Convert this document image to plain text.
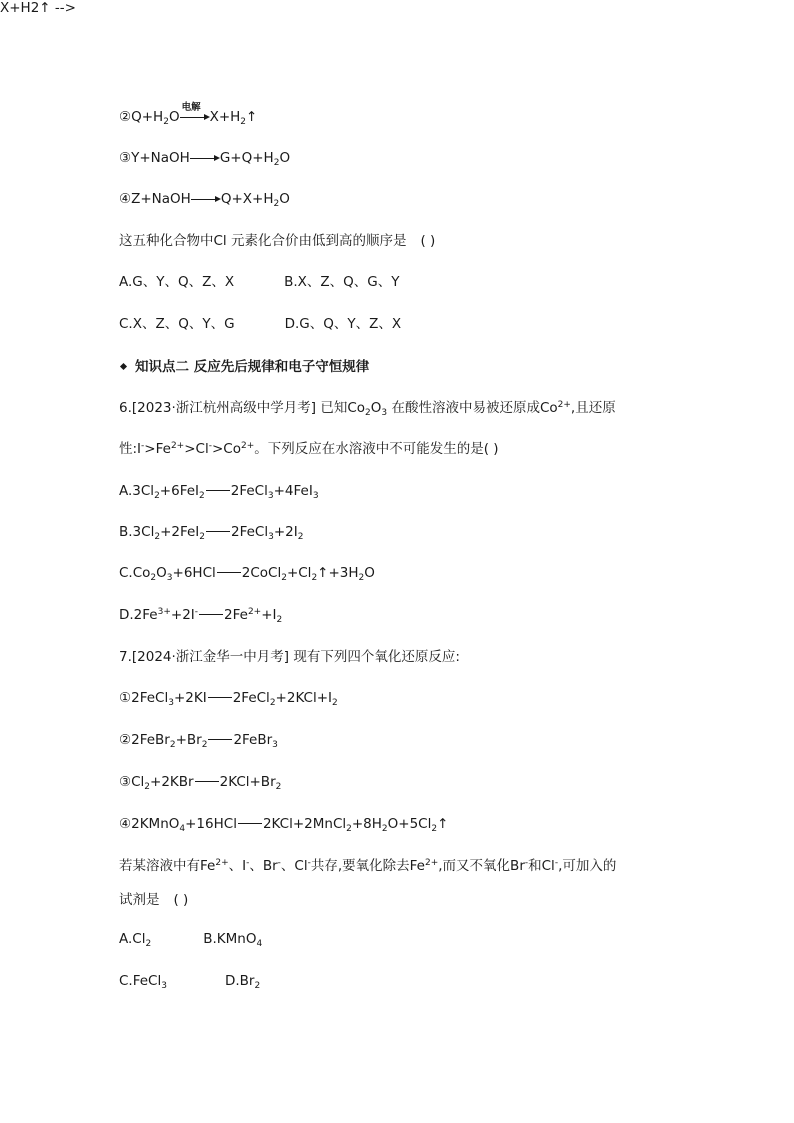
X+H2↑ -->
$②Q+H_2O$
电解
$X+H_2↑$
③Y+NaOH $G+Q+H_2O$
④Z+NaOH $Q+X+H_2O$
这五种化合物中Cl 元素化合价由低到高的顺序是 ( )
A.G、Y、Q、Z、X	B.X、Z、Q、G、Y
C.X、Z、Q、Y、G	D.G、Q、Y、Z、X
知识点二 反应先后规律和电子守恒规律
6.[2023·浙江杭州高级中学月考] 已知$Co_2O_3$ 在酸性溶液中易被还原成$Co^{2+}$,且还原
性$:I^->Fe^{2+}>Cl^->Co^{2+}$。下列反应在水溶液中不可能发生的是( )
$A.3Cl_2+6FeI_2$ 2FeCl$_3$+4FeI$_3$
$B.3Cl_2+2FeI_2$ $2FeCl_3+2I_2$
$C.Co_2O_3+6HCl$ $2CoCl_2+Cl_2↑+3H_2O$
$D.2Fe^{3+}+2I^-$ $2Fe^{2+}+I_2$
7.[2024·浙江金华一中月考] 现有下列四个氧化还原反应:
①2FeCl$_3$+2KI $2FeCl_2+2KCl+I_2$
$②2FeBr_2+Br_2$ 2FeBr$_3$
$③Cl_2+2KBr$ $2KCl+Br_2$
④2KMnO$_4$+16HCl $2KCl+2MnCl_2+8H_2O+5Cl_2↑$
若某溶液中有$Fe^{2+}$、I-、Br-、Cl-共存,要氧化除去$Fe^{2+}$,而又不氧化Br-和Cl-,可加入的
试剂是 ( )
$A.Cl_2$	B.KMnO$_4$
C.FeCl$_3$	$D.Br_2$
